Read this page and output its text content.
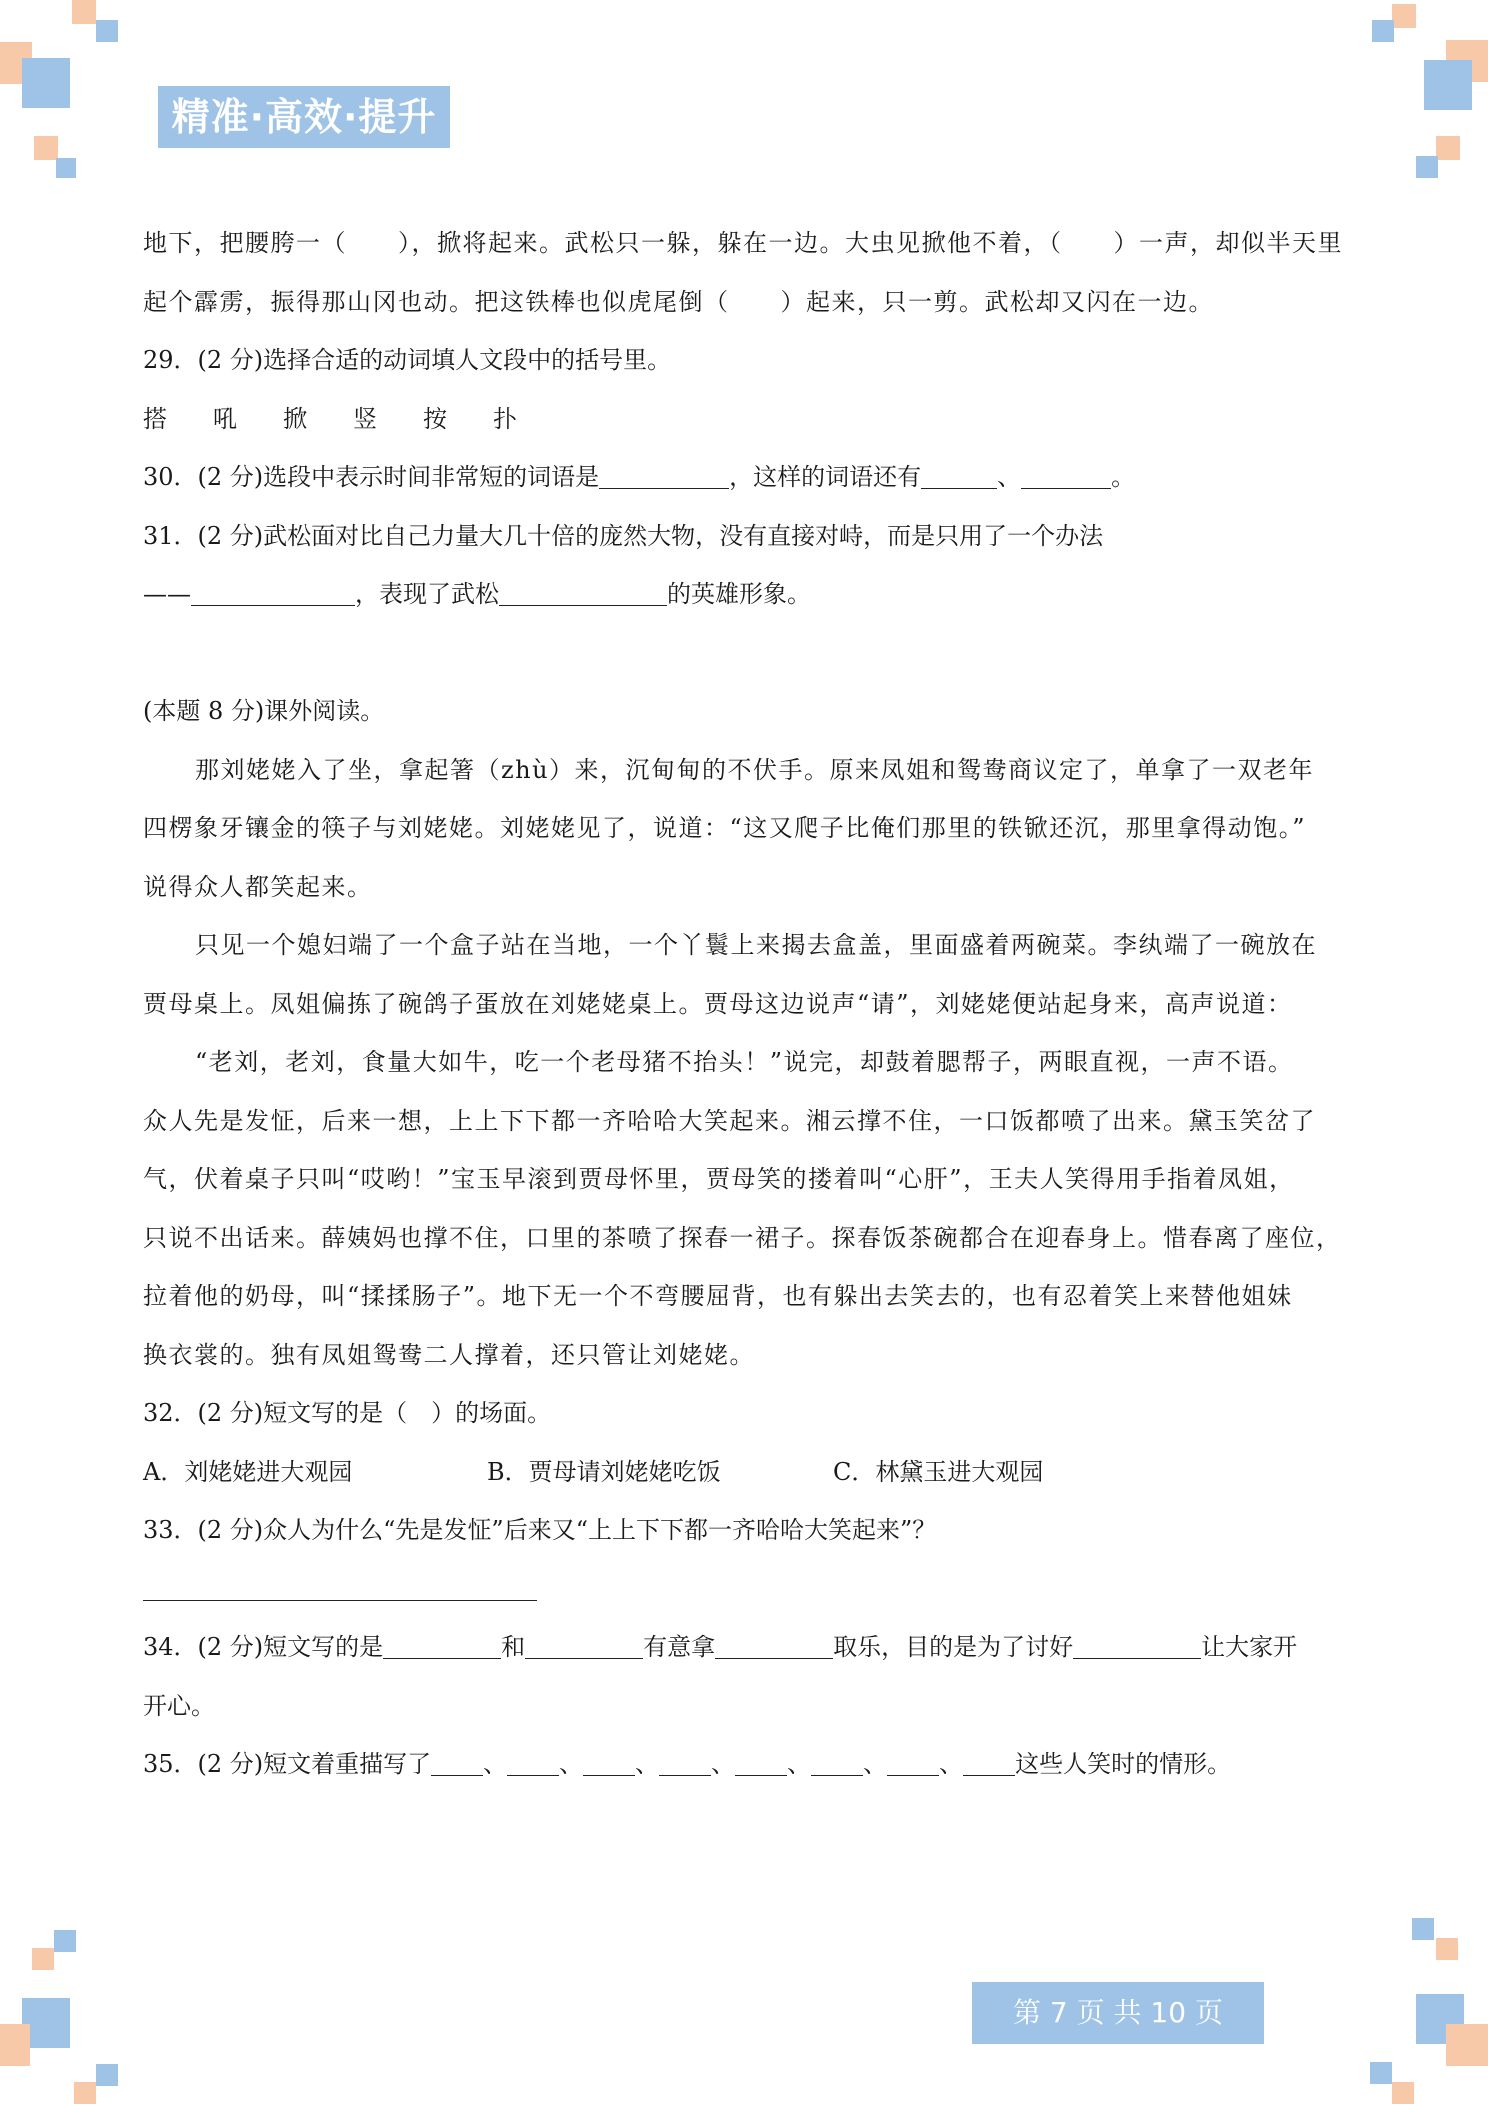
精准·高效·提升
地下，把腰胯一（　　），掀将起来。武松只一躲，躲在一边。大虫见掀他不着，（　　）一声，却似半天里
起个霹雳，振得那山冈也动。把这铁棒也似虎尾倒（　　）起来，只一剪。武松却又闪在一边。
29．(2 分)选择合适的动词填人文段中的括号里。
搭 吼 掀 竖 按 扑
30．(2 分)选段中表示时间非常短的词语是	，这样的词语还有	、	。
31．(2 分)武松面对比自己力量大几十倍的庞然大物，没有直接对峙，而是只用了一个办法
——	，表现了武松	的英雄形象。
(本题 8 分)课外阅读。
那刘姥姥入了坐，拿起箸（zhù）来，沉甸甸的不伏手。原来凤姐和鸳鸯商议定了，单拿了一双老年
四楞象牙镶金的筷子与刘姥姥。刘姥姥见了，说道：“这又爬子比俺们那里的铁锨还沉，那里拿得动饱。”
说得众人都笑起来。
只见一个媳妇端了一个盒子站在当地，一个丫鬟上来揭去盒盖，里面盛着两碗菜。李纨端了一碗放在
贾母桌上。凤姐偏拣了碗鸽子蛋放在刘姥姥桌上。贾母这边说声“请”，刘姥姥便站起身来，高声说道：
“老刘，老刘，食量大如牛，吃一个老母猪不抬头！”说完，却鼓着腮帮子，两眼直视，一声不语。
众人先是发怔，后来一想，上上下下都一齐哈哈大笑起来。湘云撑不住，一口饭都喷了出来。黛玉笑岔了
气，伏着桌子只叫“哎哟！”宝玉早滚到贾母怀里，贾母笑的搂着叫“心肝”，王夫人笑得用手指着凤姐，
只说不出话来。薛姨妈也撑不住，口里的茶喷了探春一裙子。探春饭茶碗都合在迎春身上。惜春离了座位，
拉着他的奶母，叫“揉揉肠子”。地下无一个不弯腰屈背，也有躲出去笑去的，也有忍着笑上来替他姐妹
换衣裳的。独有凤姐鸳鸯二人撑着，还只管让刘姥姥。
32．(2 分)短文写的是（　）的场面。
A．刘姥姥进大观园	B．贾母请刘姥姥吃饭	C．林黛玉进大观园
33．(2 分)众人为什么“先是发怔”后来又“上上下下都一齐哈哈大笑起来”？
34．(2 分)短文写的是	和	有意拿	取乐，目的是为了讨好	让大家开
开心。
35．(2 分)短文着重描写了 、 、 、 、 、 、 、 这些人笑时的情形。
第 7 页 共 10 页
